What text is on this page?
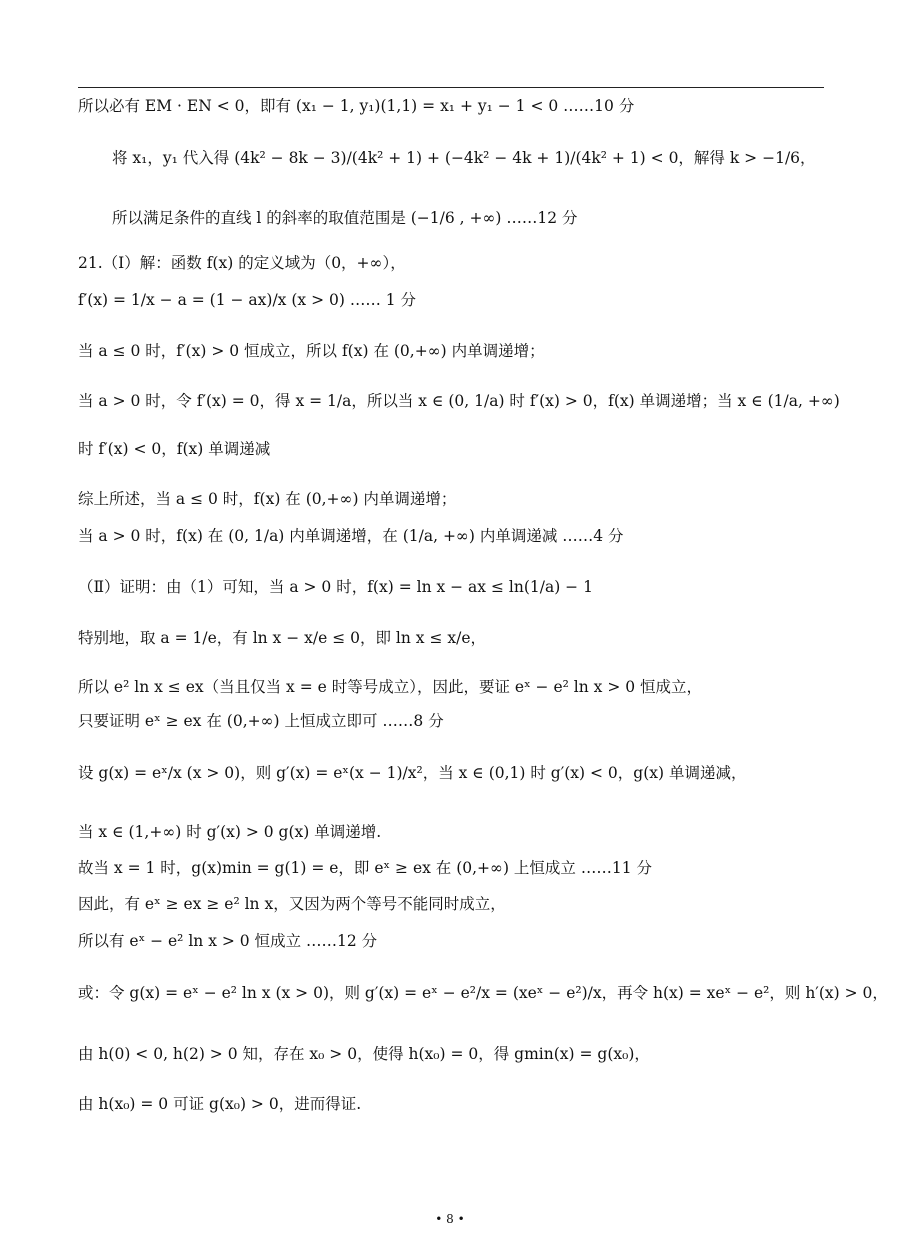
所以必有 EM · EN < 0，即有 (x₁ − 1, y₁)(1,1) = x₁ + y₁ − 1 < 0 ……10 分
将 x₁，y₁ 代入得 (4k² − 8k − 3)/(4k² + 1) + (−4k² − 4k + 1)/(4k² + 1) < 0，解得 k > −1/6，
所以满足条件的直线 l 的斜率的取值范围是 (−1/6 , +∞) ……12 分
21.（Ⅰ）解：函数 f(x) 的定义域为（0，+∞），
f′(x) = 1/x − a = (1 − ax)/x (x > 0) …… 1 分
当 a ≤ 0 时，f′(x) > 0 恒成立，所以 f(x) 在 (0,+∞) 内单调递增；
当 a > 0 时，令 f′(x) = 0，得 x = 1/a，所以当 x ∈ (0, 1/a) 时 f′(x) > 0，f(x) 单调递增；当 x ∈ (1/a, +∞)
时 f′(x) < 0，f(x) 单调递减
综上所述，当 a ≤ 0 时，f(x) 在 (0,+∞) 内单调递增；
当 a > 0 时，f(x) 在 (0, 1/a) 内单调递增，在 (1/a, +∞) 内单调递减 ……4 分
（Ⅱ）证明：由（1）可知，当 a > 0 时，f(x) = ln x − ax ≤ ln(1/a) − 1
特别地，取 a = 1/e，有 ln x − x/e ≤ 0，即 ln x ≤ x/e，
所以 e² ln x ≤ ex（当且仅当 x = e 时等号成立），因此，要证 eˣ − e² ln x > 0 恒成立，
只要证明 eˣ ≥ ex 在 (0,+∞) 上恒成立即可 ……8 分
设 g(x) = eˣ/x (x > 0)，则 g′(x) = eˣ(x − 1)/x²，当 x ∈ (0,1) 时 g′(x) < 0，g(x) 单调递减，
当 x ∈ (1,+∞) 时 g′(x) > 0 g(x) 单调递增.
故当 x = 1 时，g(x)min = g(1) = e，即 eˣ ≥ ex 在 (0,+∞) 上恒成立 ……11 分
因此，有 eˣ ≥ ex ≥ e² ln x，又因为两个等号不能同时成立，
所以有 eˣ − e² ln x > 0 恒成立 ……12 分
或：令 g(x) = eˣ − e² ln x (x > 0)，则 g′(x) = eˣ − e²/x = (xeˣ − e²)/x，再令 h(x) = xeˣ − e²，则 h′(x) > 0，
由 h(0) < 0, h(2) > 0 知，存在 x₀ > 0，使得 h(x₀) = 0，得 gmin(x) = g(x₀)，
由 h(x₀) = 0 可证 g(x₀) > 0，进而得证.
• 8 •
